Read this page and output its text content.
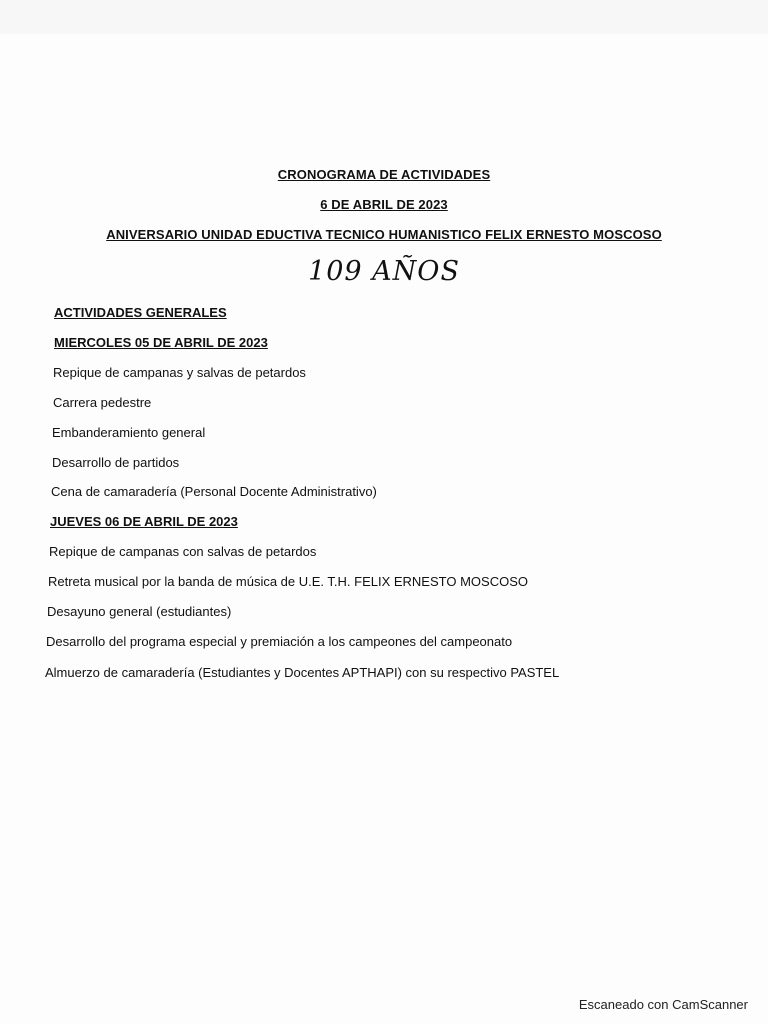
CRONOGRAMA DE ACTIVIDADES
6 DE ABRIL DE 2023
ANIVERSARIO UNIDAD EDUCTIVA TECNICO HUMANISTICO FELIX ERNESTO MOSCOSO
109 AÑOS
ACTIVIDADES GENERALES
MIERCOLES 05 DE ABRIL DE 2023
Repique de campanas y salvas de petardos
Carrera pedestre
Embanderamiento general
Desarrollo de partidos
Cena de camaradería (Personal Docente Administrativo)
JUEVES 06 DE ABRIL DE 2023
Repique de campanas con salvas de petardos
Retreta musical por la banda de música de U.E. T.H. FELIX ERNESTO MOSCOSO
Desayuno general (estudiantes)
Desarrollo del programa especial y premiación a los campeones del campeonato
Almuerzo de camaradería (Estudiantes y Docentes APTHAPI) con su respectivo PASTEL
Escaneado con CamScanner
